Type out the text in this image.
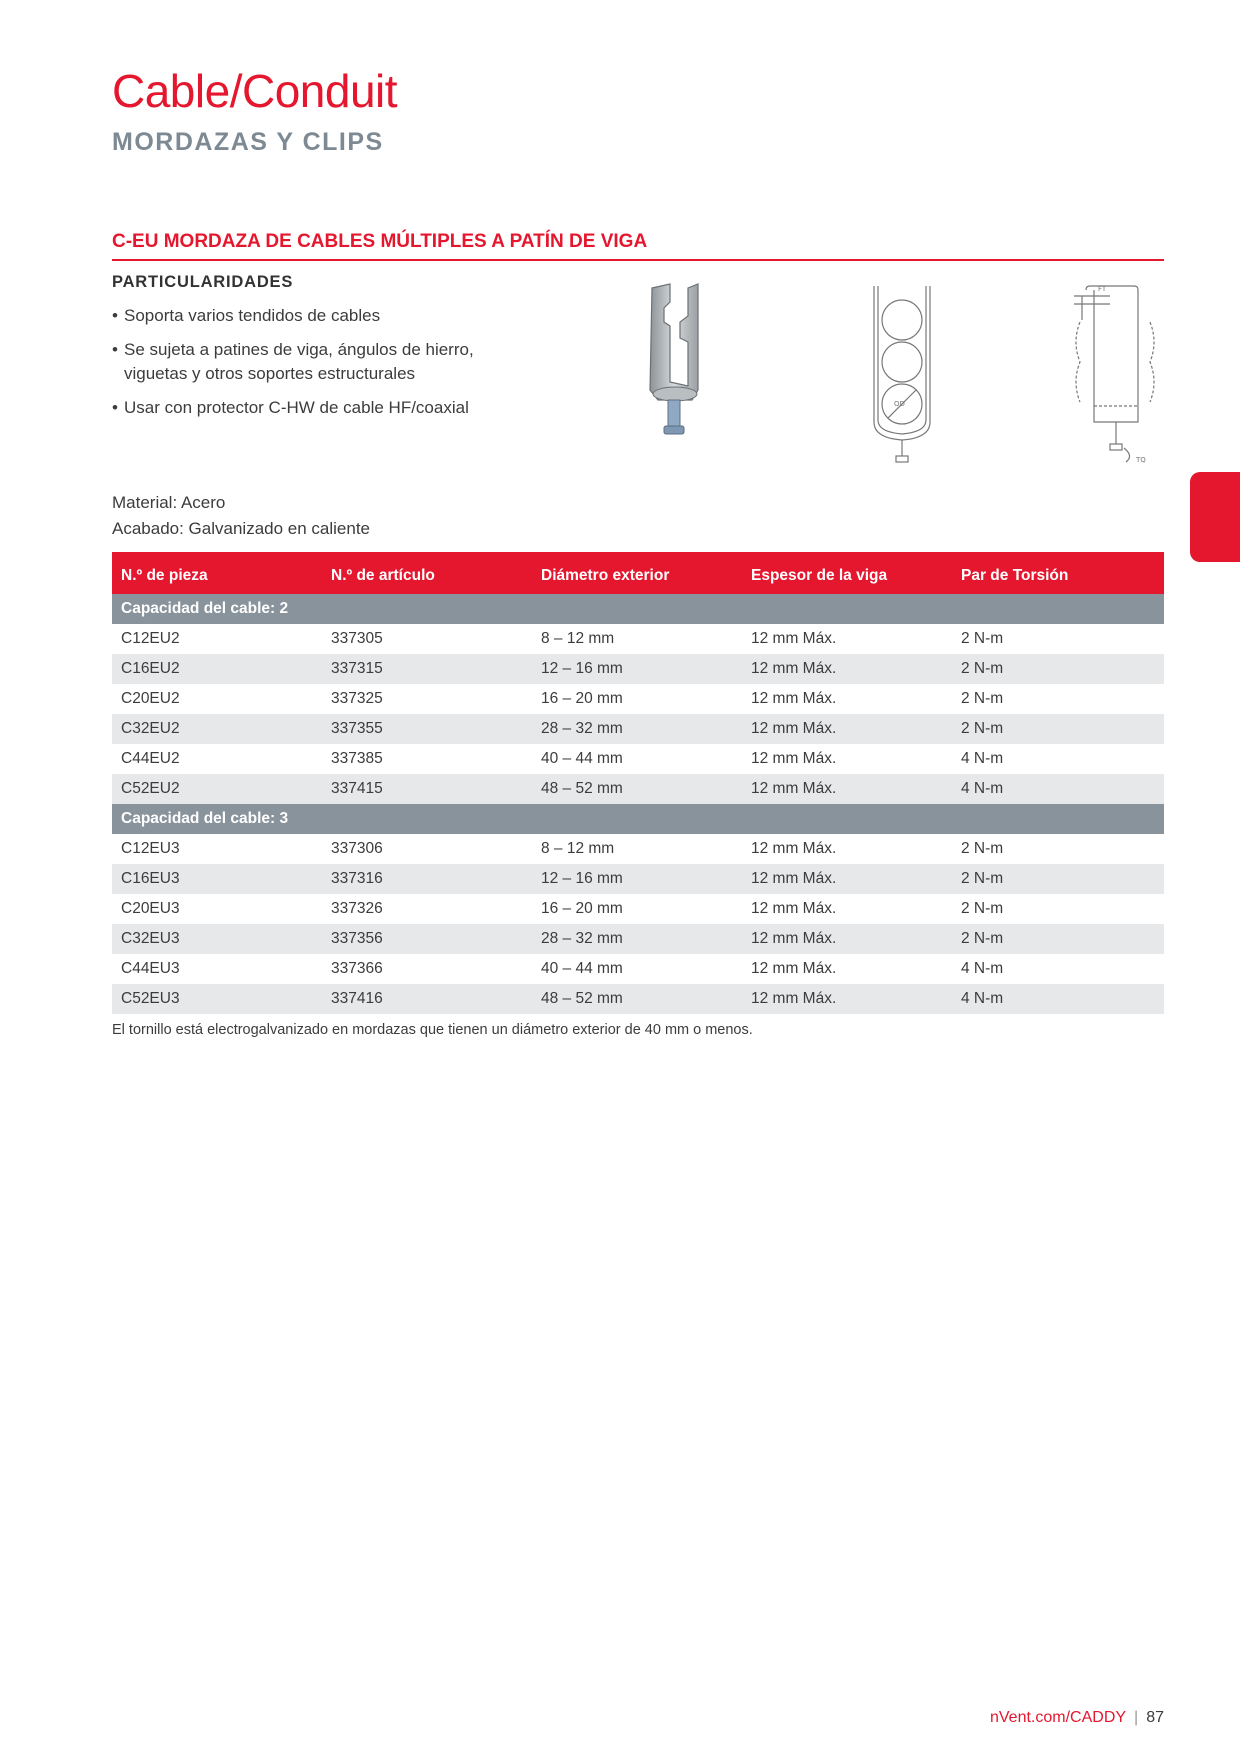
Cable/Conduit
MORDAZAS Y CLIPS
C-EU MORDAZA DE CABLES MÚLTIPLES A PATÍN DE VIGA
PARTICULARIDADES
• Soporta varios tendidos de cables
• Se sujeta a patines de viga, ángulos de hierro, viguetas y otros soportes estructurales
• Usar con protector C-HW de cable HF/coaxial	OD
FT
TQ
Material: Acero
Acabado: Galvanizado en caliente
N.º de pieza	N.º de artículo	Diámetro exterior	Espesor de la viga	Par de Torsión
Capacidad del cable: 2				
C12EU2	337305	8 – 12 mm	12 mm Máx.	2 N-m
C16EU2	337315	12 – 16 mm	12 mm Máx.	2 N-m
C20EU2	337325	16 – 20 mm	12 mm Máx.	2 N-m
C32EU2	337355	28 – 32 mm	12 mm Máx.	2 N-m
C44EU2	337385	40 – 44 mm	12 mm Máx.	4 N-m
C52EU2	337415	48 – 52 mm	12 mm Máx.	4 N-m
Capacidad del cable: 3				
C12EU3	337306	8 – 12 mm	12 mm Máx.	2 N-m
C16EU3	337316	12 – 16 mm	12 mm Máx.	2 N-m
C20EU3	337326	16 – 20 mm	12 mm Máx.	2 N-m
C32EU3	337356	28 – 32 mm	12 mm Máx.	2 N-m
C44EU3	337366	40 – 44 mm	12 mm Máx.	4 N-m
C52EU3	337416	48 – 52 mm	12 mm Máx.	4 N-m
El tornillo está electrogalvanizado en mordazas que tienen un diámetro exterior de 40 mm o menos.
nVent.com/CADDY | 87
